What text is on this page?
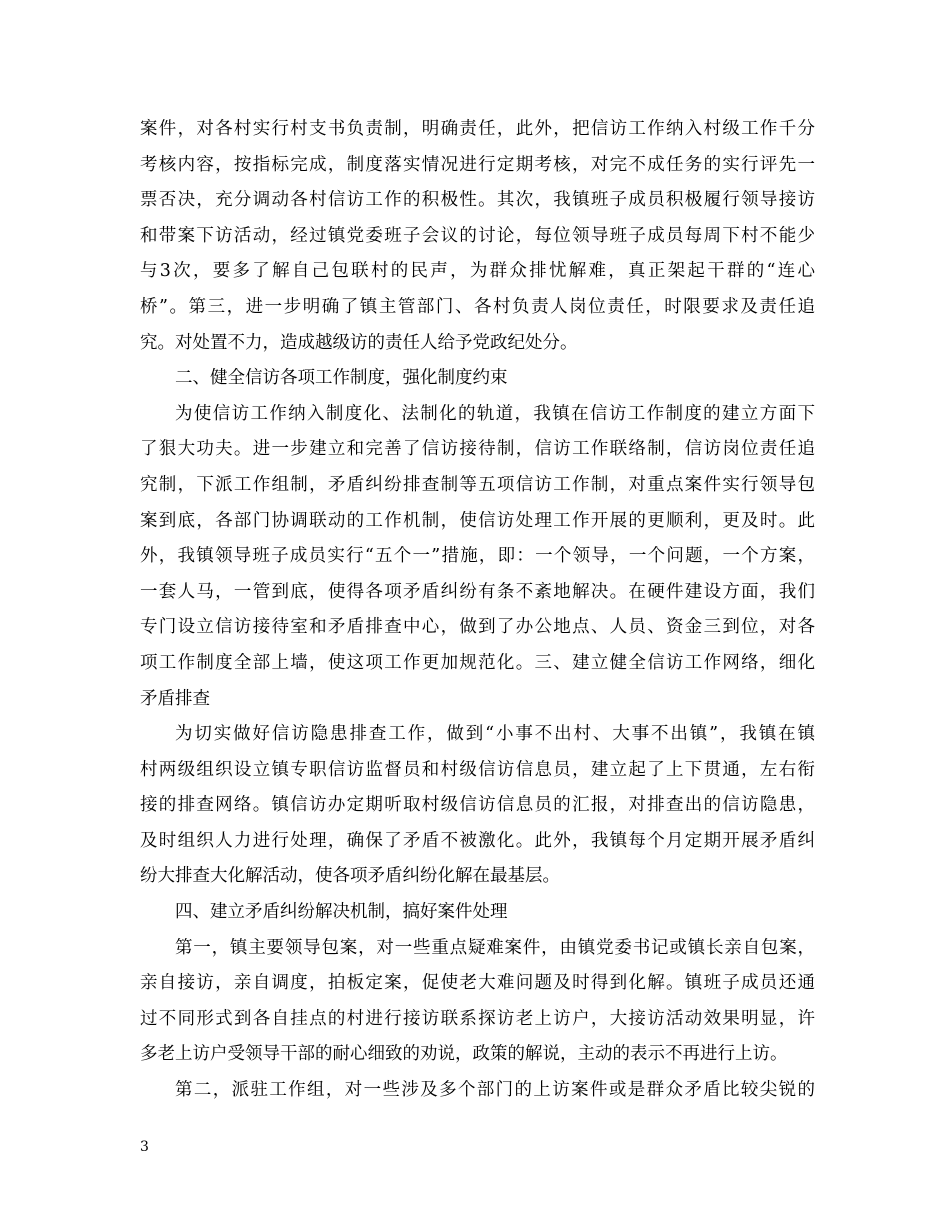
案件，对各村实行村支书负责制，明确责任，此外，把信访工作纳入村级工作千分
考核内容，按指标完成，制度落实情况进行定期考核，对完不成任务的实行评先一
票否决，充分调动各村信访工作的积极性。其次，我镇班子成员积极履行领导接访
和带案下访活动，经过镇党委班子会议的讨论，每位领导班子成员每周下村不能少
与3次，要多了解自己包联村的民声，为群众排忧解难，真正架起干群的“连心
桥”。第三，进一步明确了镇主管部门、各村负责人岗位责任，时限要求及责任追
究。对处置不力，造成越级访的责任人给予党政纪处分。
二、健全信访各项工作制度，强化制度约束
为使信访工作纳入制度化、法制化的轨道，我镇在信访工作制度的建立方面下
了狠大功夫。进一步建立和完善了信访接待制，信访工作联络制，信访岗位责任追
究制，下派工作组制，矛盾纠纷排查制等五项信访工作制，对重点案件实行领导包
案到底，各部门协调联动的工作机制，使信访处理工作开展的更顺利，更及时。此
外，我镇领导班子成员实行“五个一”措施，即：一个领导，一个问题，一个方案，
一套人马，一管到底，使得各项矛盾纠纷有条不紊地解决。在硬件建设方面，我们
专门设立信访接待室和矛盾排查中心，做到了办公地点、人员、资金三到位，对各
项工作制度全部上墙，使这项工作更加规范化。三、建立健全信访工作网络，细化
矛盾排查
为切实做好信访隐患排查工作，做到“小事不出村、大事不出镇”，我镇在镇
村两级组织设立镇专职信访监督员和村级信访信息员，建立起了上下贯通，左右衔
接的排查网络。镇信访办定期听取村级信访信息员的汇报，对排查出的信访隐患，
及时组织人力进行处理，确保了矛盾不被激化。此外，我镇每个月定期开展矛盾纠
纷大排查大化解活动，使各项矛盾纠纷化解在最基层。
四、建立矛盾纠纷解决机制，搞好案件处理
第一，镇主要领导包案，对一些重点疑难案件，由镇党委书记或镇长亲自包案，
亲自接访，亲自调度，拍板定案，促使老大难问题及时得到化解。镇班子成员还通
过不同形式到各自挂点的村进行接访联系探访老上访户，大接访活动效果明显，许
多老上访户受领导干部的耐心细致的劝说，政策的解说，主动的表示不再进行上访。
第二，派驻工作组，对一些涉及多个部门的上访案件或是群众矛盾比较尖锐的
3
